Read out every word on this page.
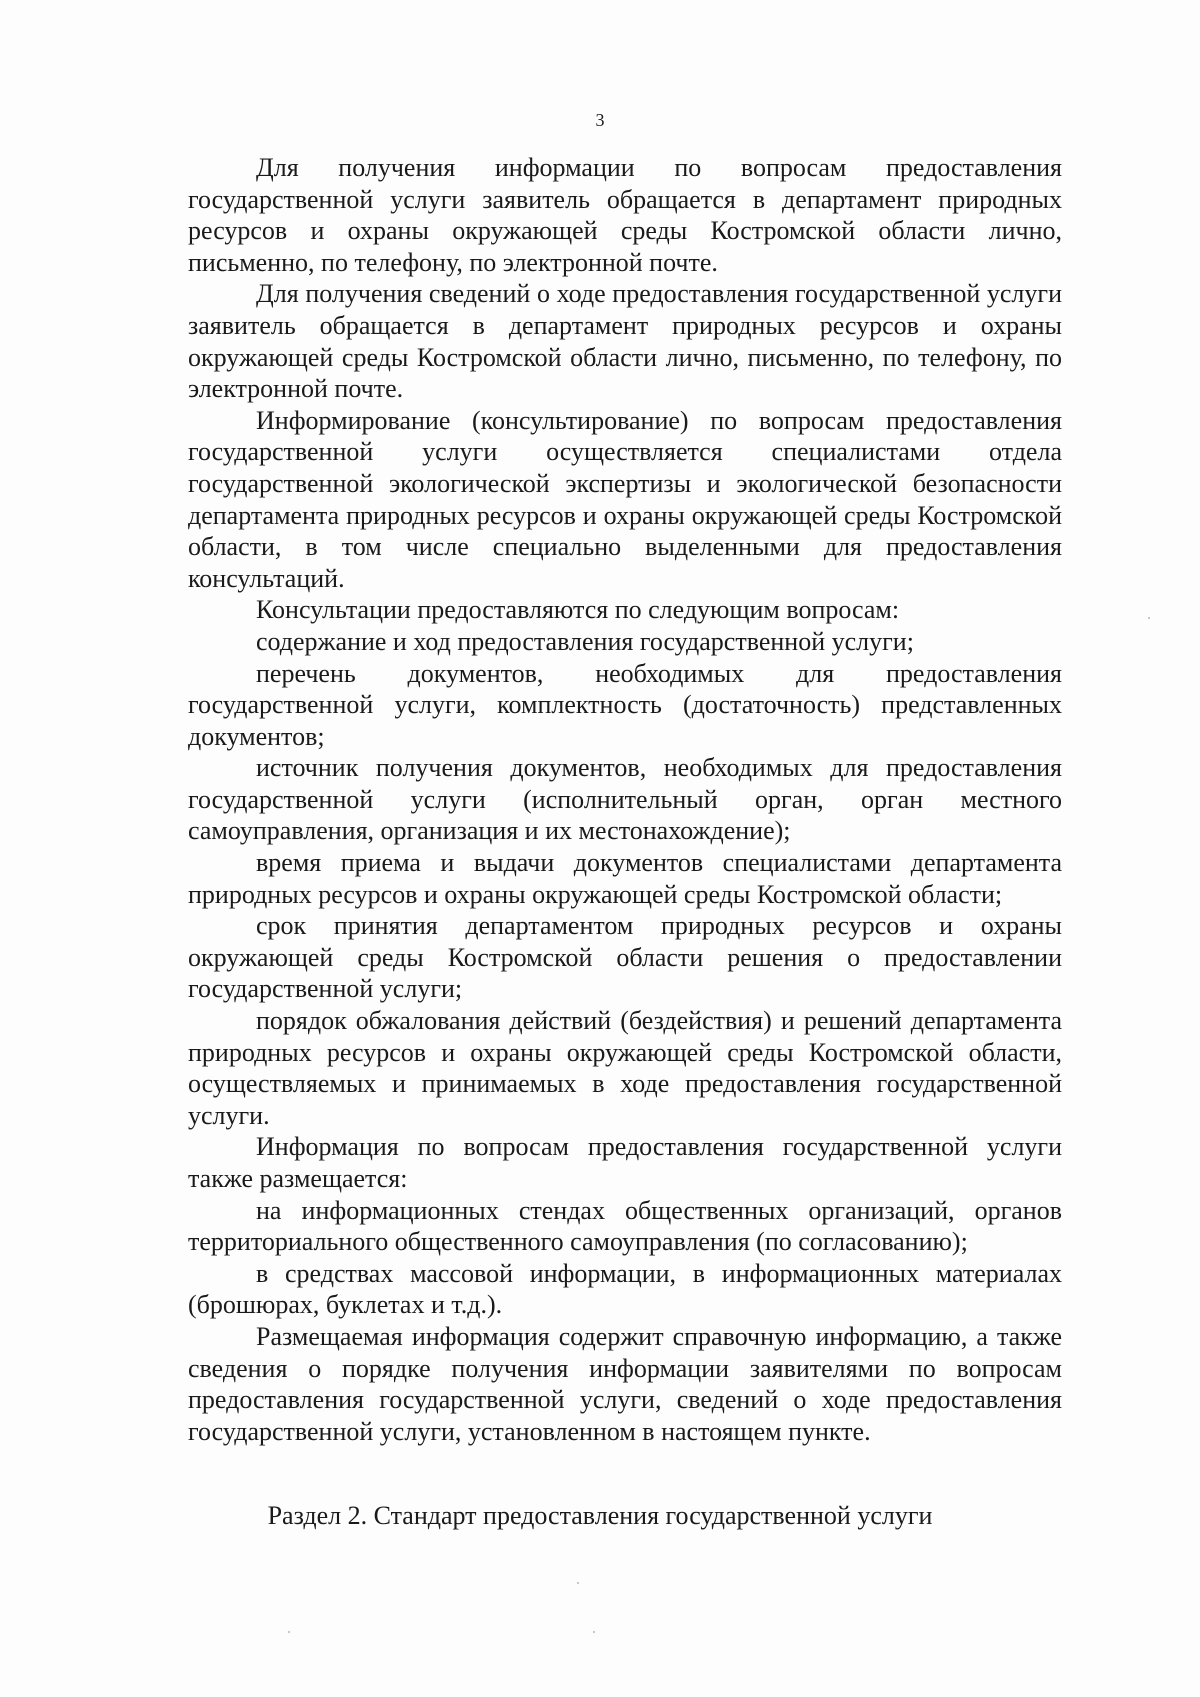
3

Для получения информации по вопросам предоставления государственной услуги заявитель обращается в департамент природных ресурсов и охраны окружающей среды Костромской области лично, письменно, по телефону, по электронной почте.

Для получения сведений о ходе предоставления государственной услуги заявитель обращается в департамент природных ресурсов и охраны окружающей среды Костромской области лично, письменно, по телефону, по электронной почте.

Информирование (консультирование) по вопросам предоставления государственной услуги осуществляется специалистами отдела государственной экологической экспертизы и экологической безопасности департамента природных ресурсов и охраны окружающей среды Костромской области, в том числе специально выделенными для предоставления консультаций.

Консультации предоставляются по следующим вопросам:

содержание и ход предоставления государственной услуги;

перечень документов, необходимых для предоставления государственной услуги, комплектность (достаточность) представленных документов;

источник получения документов, необходимых для предоставления государственной услуги (исполнительный орган, орган местного самоуправления, организация и их местонахождение);

время приема и выдачи документов специалистами департамента природных ресурсов и охраны окружающей среды Костромской области;

срок принятия департаментом природных ресурсов и охраны окружающей среды Костромской области решения о предоставлении государственной услуги;

порядок обжалования действий (бездействия) и решений департамента природных ресурсов и охраны окружающей среды Костромской области, осуществляемых и принимаемых в ходе предоставления государственной услуги.

Информация по вопросам предоставления государственной услуги также размещается:

на информационных стендах общественных организаций, органов территориального общественного самоуправления (по согласованию);

в средствах массовой информации, в информационных материалах (брошюрах, буклетах и т.д.).

Размещаемая информация содержит справочную информацию, а также сведения о порядке получения информации заявителями по вопросам предоставления государственной услуги, сведений о ходе предоставления государственной услуги, установленном в настоящем пункте.

Раздел 2. Стандарт предоставления государственной услуги
